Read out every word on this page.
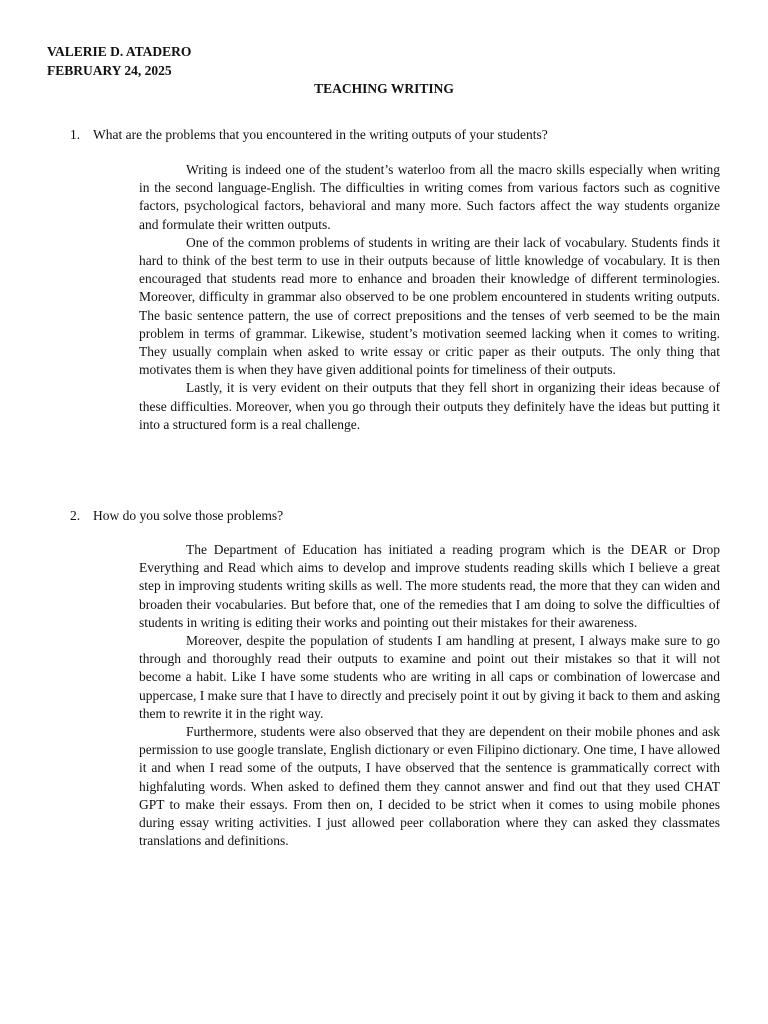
VALERIE D. ATADERO
FEBRUARY 24, 2025
TEACHING WRITING
1. What are the problems that you encountered in the writing outputs of your students?

Writing is indeed one of the student’s waterloo from all the macro skills especially when writing in the second language-English. The difficulties in writing comes from various factors such as cognitive factors, psychological factors, behavioral and many more. Such factors affect the way students organize and formulate their written outputs.

One of the common problems of students in writing are their lack of vocabulary. Students finds it hard to think of the best term to use in their outputs because of little knowledge of vocabulary. It is then encouraged that students read more to enhance and broaden their knowledge of different terminologies. Moreover, difficulty in grammar also observed to be one problem encountered in students writing outputs. The basic sentence pattern, the use of correct prepositions and the tenses of verb seemed to be the main problem in terms of grammar. Likewise, student’s motivation seemed lacking when it comes to writing. They usually complain when asked to write essay or critic paper as their outputs. The only thing that motivates them is when they have given additional points for timeliness of their outputs.

Lastly, it is very evident on their outputs that they fell short in organizing their ideas because of these difficulties. Moreover, when you go through their outputs they definitely have the ideas but putting it into a structured form is a real challenge.

2. How do you solve those problems?

The Department of Education has initiated a reading program which is the DEAR or Drop Everything and Read which aims to develop and improve students reading skills which I believe a great step in improving students writing skills as well. The more students read, the more that they can widen and broaden their vocabularies. But before that, one of the remedies that I am doing to solve the difficulties of students in writing is editing their works and pointing out their mistakes for their awareness.

Moreover, despite the population of students I am handling at present, I always make sure to go through and thoroughly read their outputs to examine and point out their mistakes so that it will not become a habit. Like I have some students who are writing in all caps or combination of lowercase and uppercase, I make sure that I have to directly and precisely point it out by giving it back to them and asking them to rewrite it in the right way.

Furthermore, students were also observed that they are dependent on their mobile phones and ask permission to use google translate, English dictionary or even Filipino dictionary. One time, I have allowed it and when I read some of the outputs, I have observed that the sentence is grammatically correct with highfaluting words. When asked to defined them they cannot answer and find out that they used CHAT GPT to make their essays. From then on, I decided to be strict when it comes to using mobile phones during essay writing activities. I just allowed peer collaboration where they can asked they classmates translations and definitions.
